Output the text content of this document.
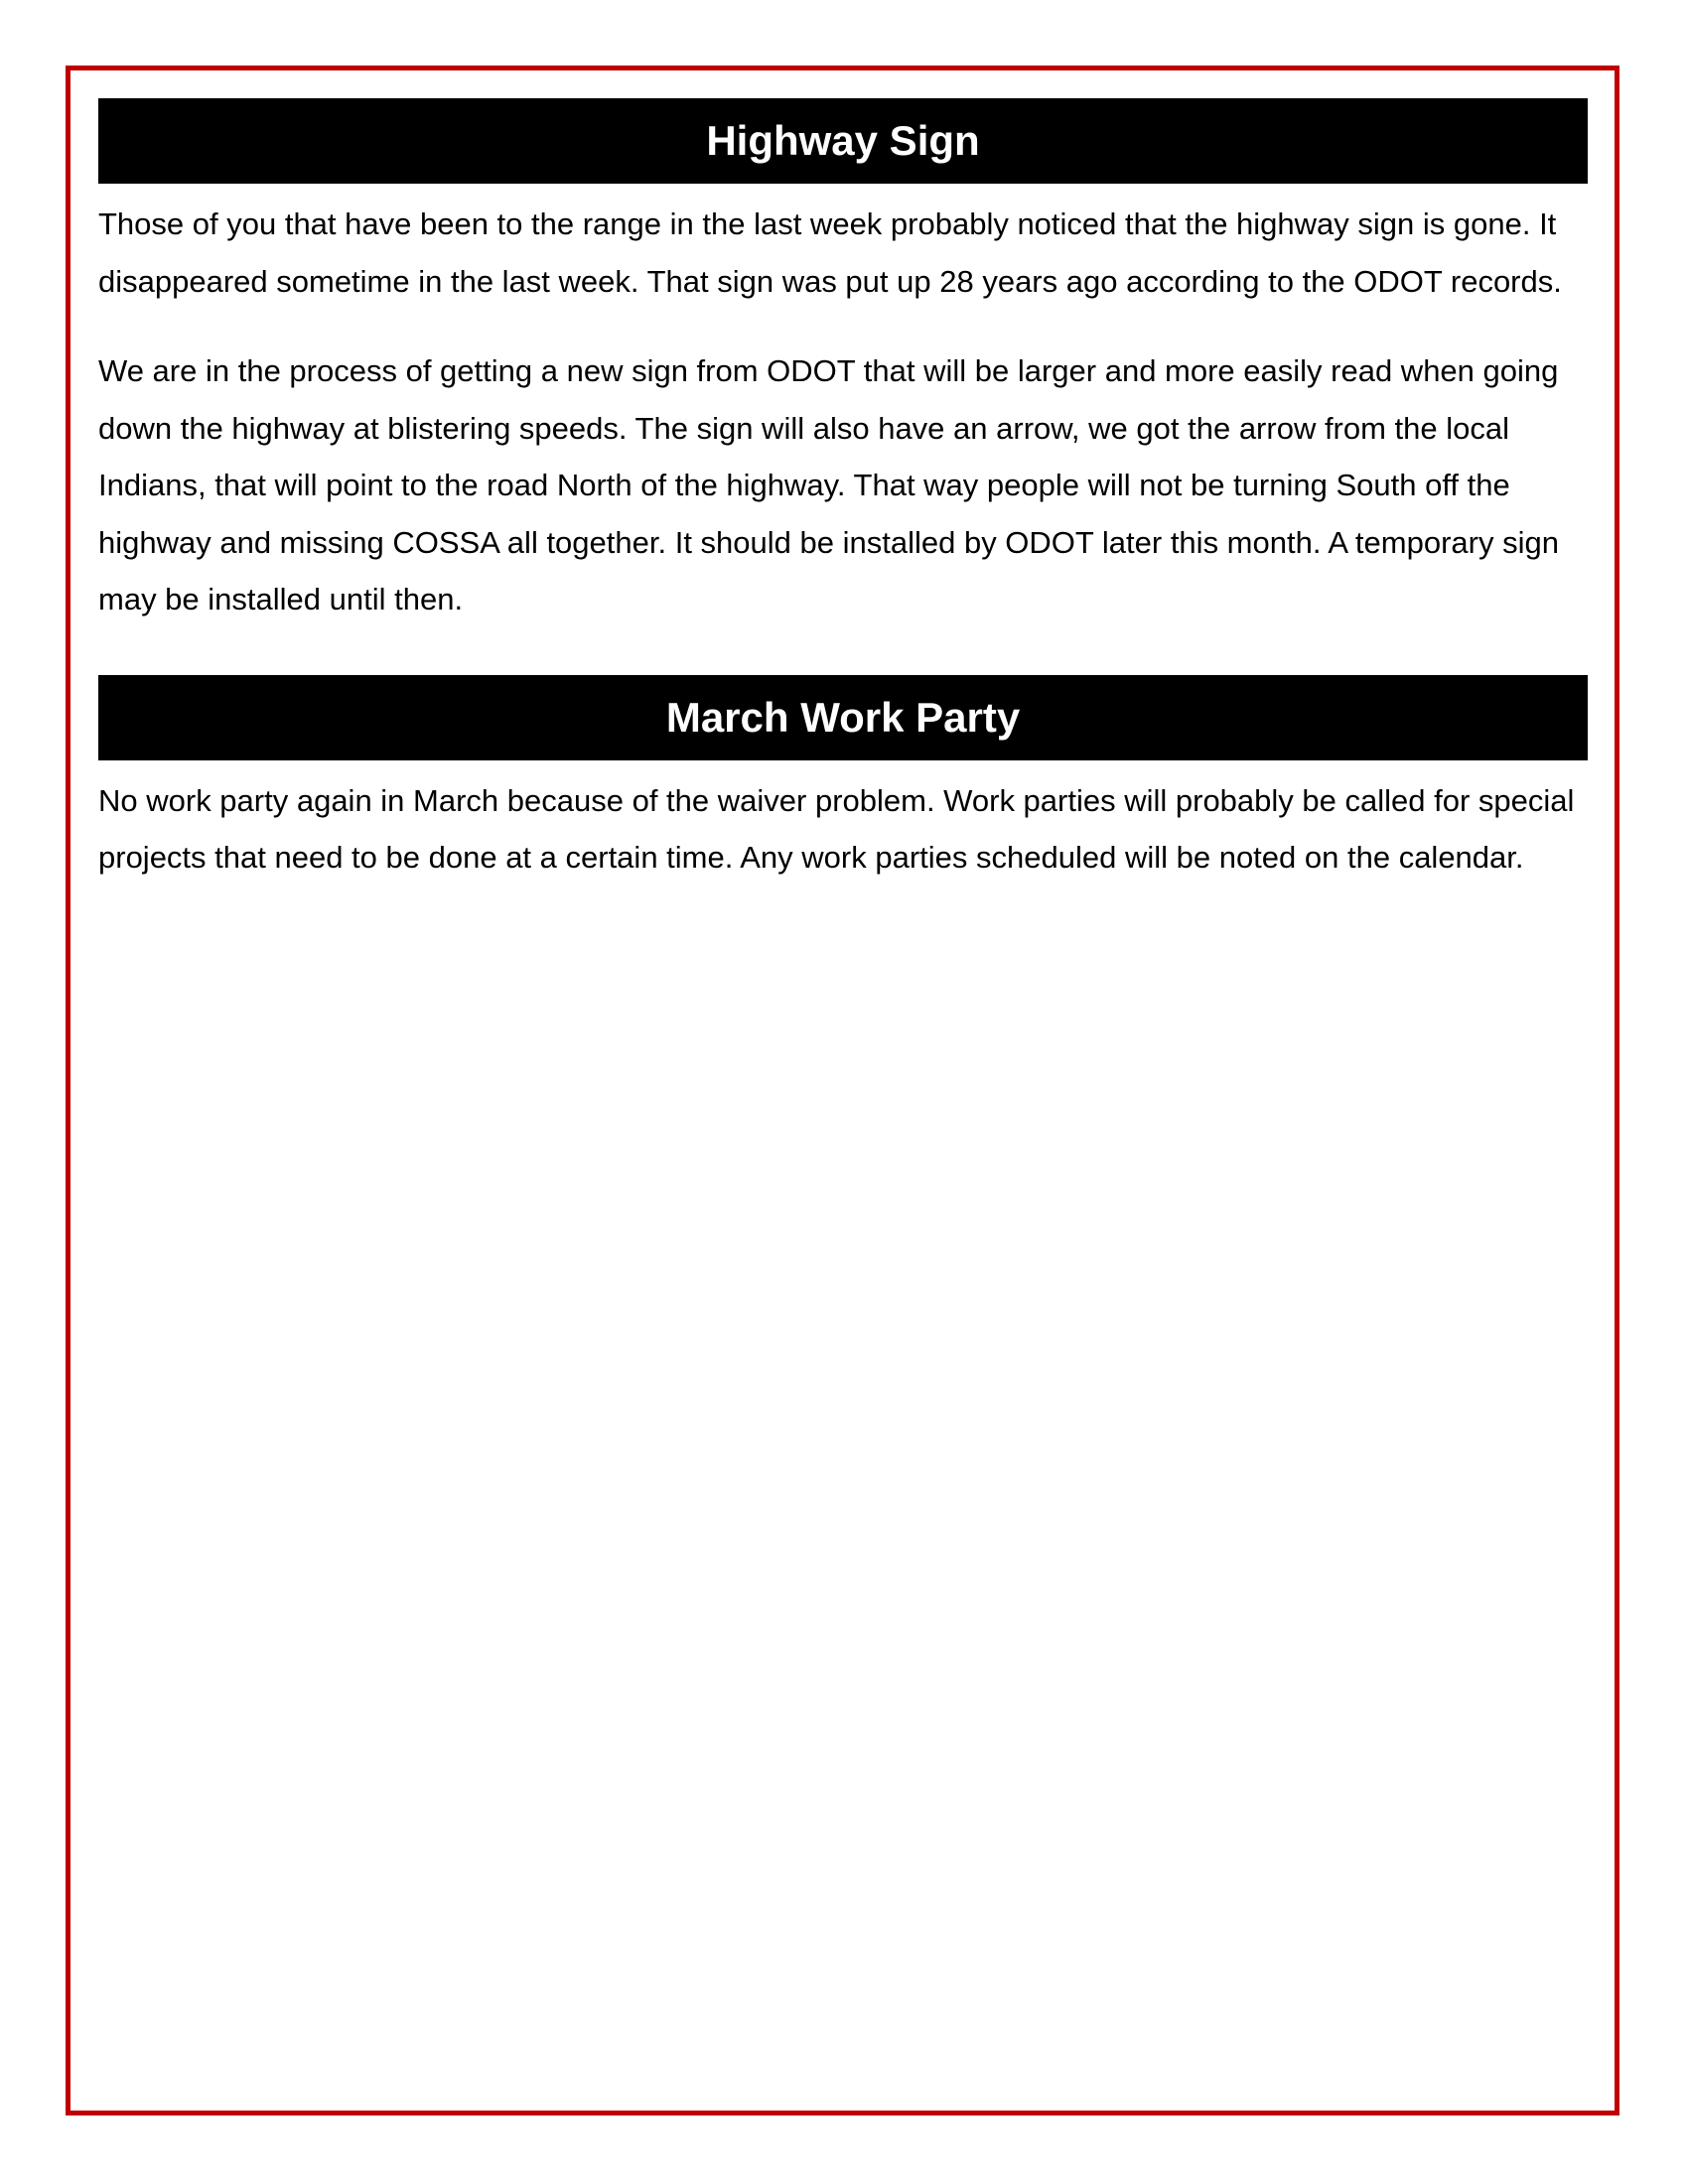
Highway Sign

Those of you that have been to the range in the last week probably noticed that the highway sign is gone. It disappeared sometime in the last week. That sign was put up 28 years ago according to the ODOT records.

We are in the process of getting a new sign from ODOT that will be larger and more easily read when going down the highway at blistering speeds. The sign will also have an arrow, we got the arrow from the local Indians, that will point to the road North of the highway. That way people will not be turning South off the highway and missing COSSA all together. It should be installed by ODOT later this month. A temporary sign may be installed until then.

March Work Party

No work party again in March because of the waiver problem. Work parties will probably be called for special projects that need to be done at a certain time. Any work parties scheduled will be noted on the calendar.
